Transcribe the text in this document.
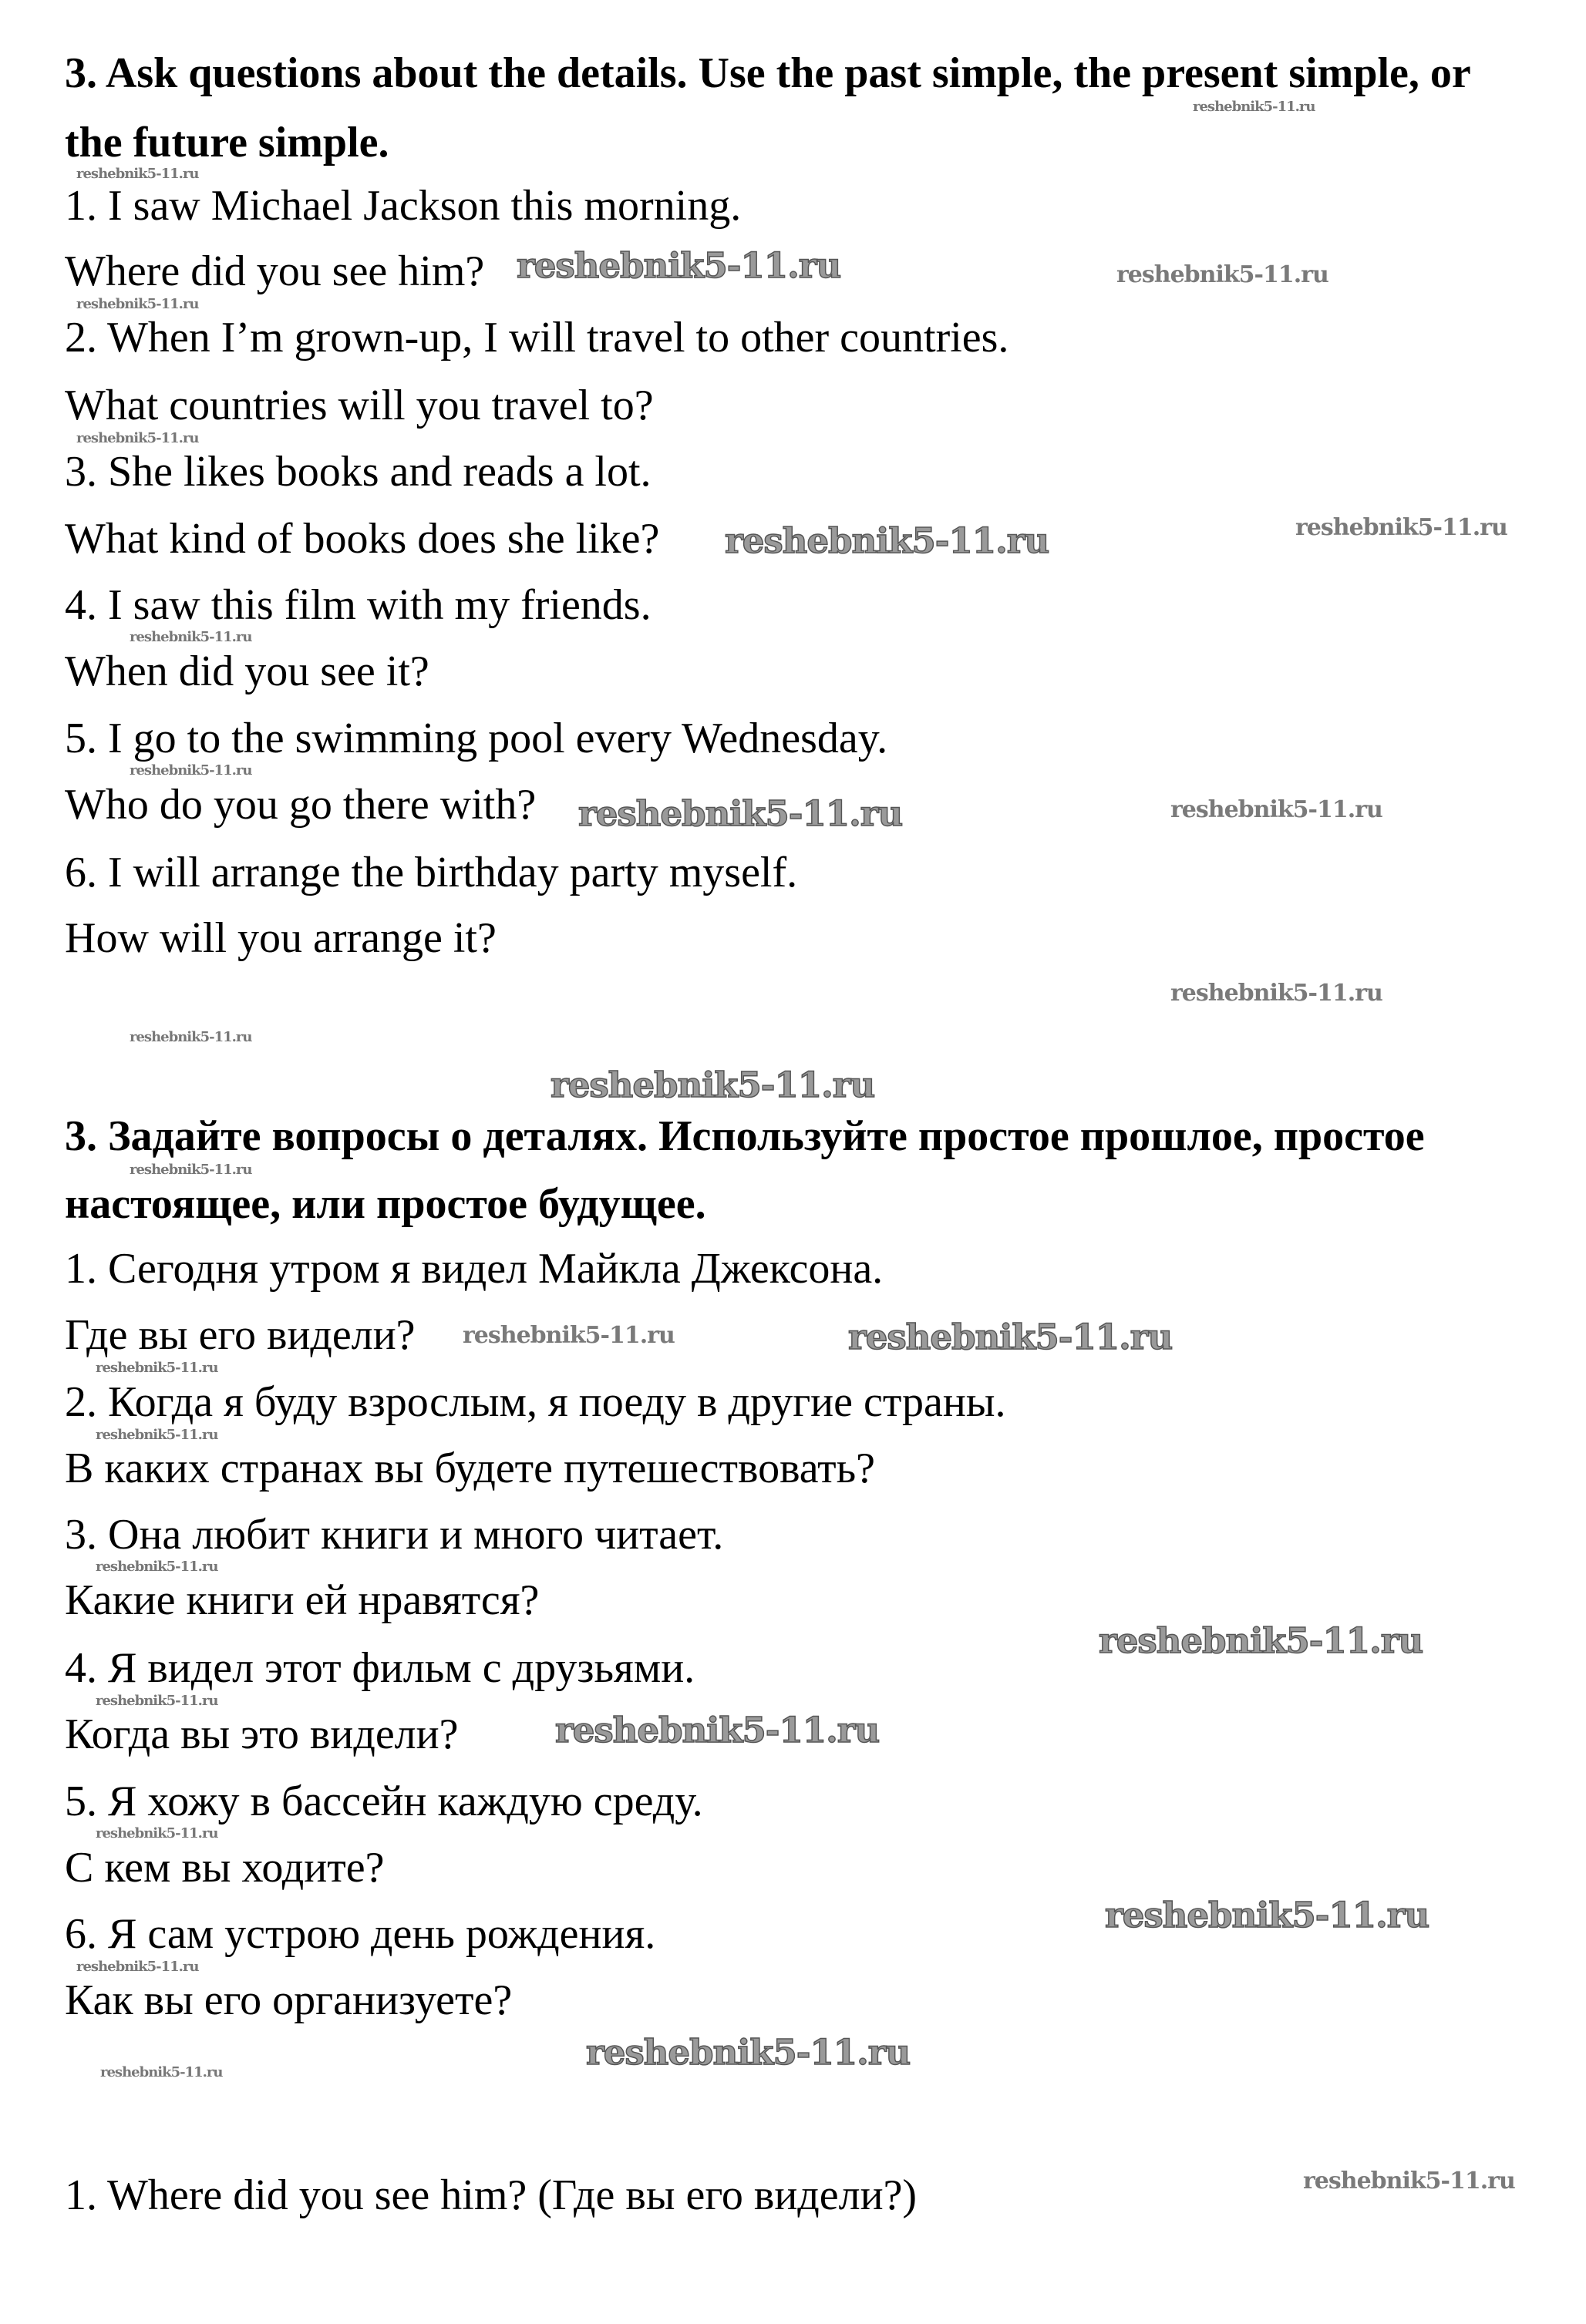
3. Ask questions about the details. Use the past simple, the present simple, or
the future simple.
1. I saw Michael Jackson this morning.
Where did you see him?
2. When I’m grown-up, I will travel to other countries.
What countries will you travel to?
3. She likes books and reads a lot.
What kind of books does she like?
4. I saw this film with my friends.
When did you see it?
5. I go to the swimming pool every Wednesday.
Who do you go there with?
6. I will arrange the birthday party myself.
How will you arrange it?
3. Задайте вопросы о деталях. Используйте простое прошлое, простое
настоящее, или простое будущее.
1. Сегодня утром я видел Майкла Джексона.
Где вы его видели?
2. Когда я буду взрослым, я поеду в другие страны.
В каких странах вы будете путешествовать?
3. Она любит книги и много читает.
Какие книги ей нравятся?
4. Я видел этот фильм с друзьями.
Когда вы это видели?
5. Я хожу в бассейн каждую среду.
С кем вы ходите?
6. Я сам устрою день рождения.
Как вы его организуете?
1. Where did you see him? (Где вы его видели?)
reshebnik5-11.ru
reshebnik5-11.ru
reshebnik5-11.ru
reshebnik5-11.ru
reshebnik5-11.ru
reshebnik5-11.ru
reshebnik5-11.ru
reshebnik5-11.ru
reshebnik5-11.ru
reshebnik5-11.ru
reshebnik5-11.ru
reshebnik5-11.ru
reshebnik5-11.ru
reshebnik5-11.ru
reshebnik5-11.ru
reshebnik5-11.ru
reshebnik5-11.ru
reshebnik5-11.ru
reshebnik5-11.ru
reshebnik5-11.ru
reshebnik5-11.ru
reshebnik5-11.ru
reshebnik5-11.ru
reshebnik5-11.ru
reshebnik5-11.ru
reshebnik5-11.ru
reshebnik5-11.ru
reshebnik5-11.ru
reshebnik5-11.ru
reshebnik5-11.ru
